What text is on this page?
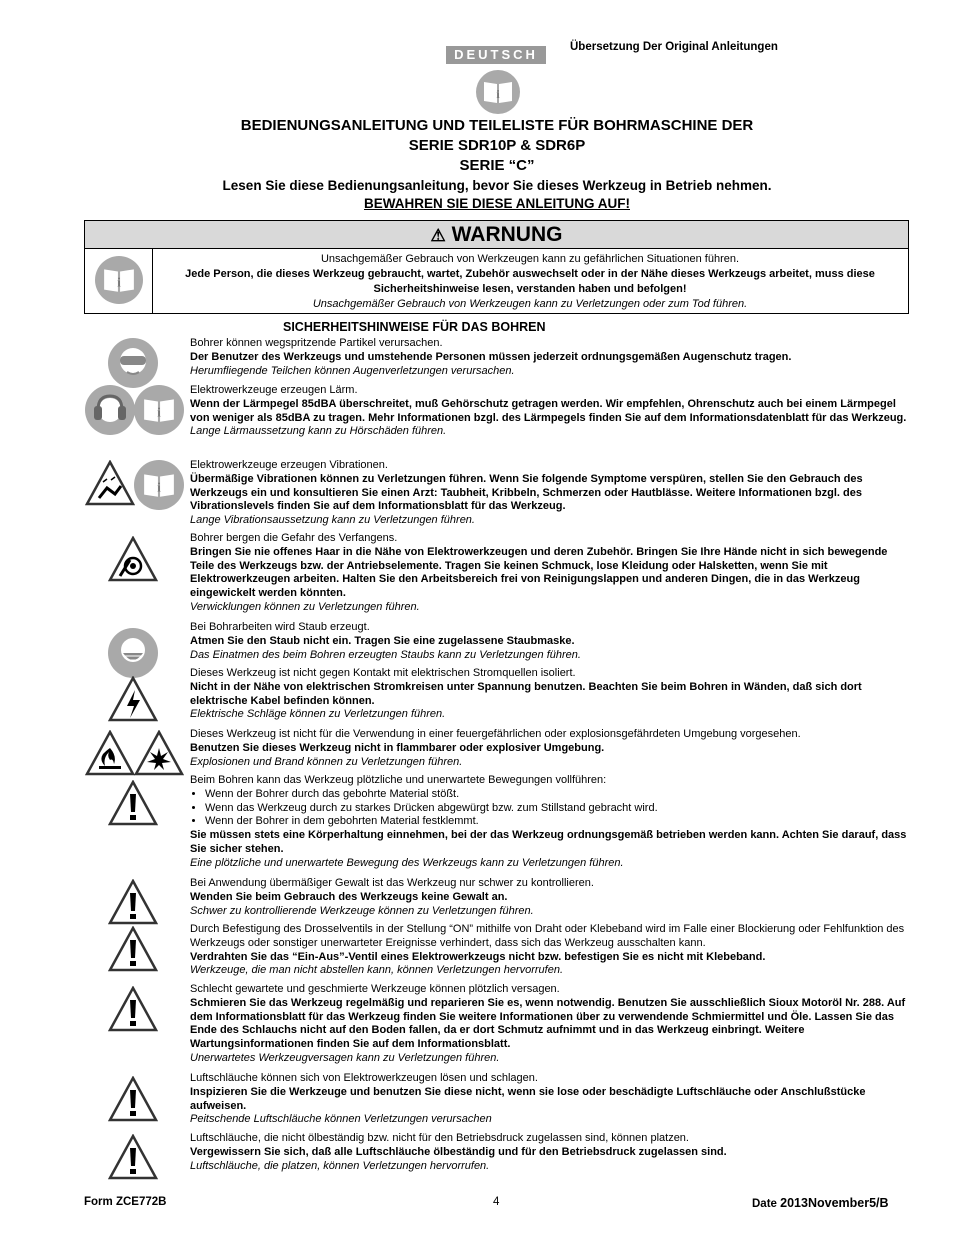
DEUTSCH	Übersetzung Der Original Anleitungen
i
BEDIENUNGSANLEITUNG UND TEILELISTE FÜR BOHRMASCHINE DER
SERIE SDR10P & SDR6P
SERIE “C”
Lesen Sie diese Bedienungsanleitung, bevor Sie dieses Werkzeug in Betrieb nehmen.
BEWAHREN SIE DIESE ANLEITUNG AUF!
⚠ WARNUNG
i
Unsachgemäßer Gebrauch von Werkzeugen kann zu gefährlichen Situationen führen.
Jede Person, die dieses Werkzeug gebraucht, wartet, Zubehör auswechselt oder in der Nähe dieses Werkzeugs arbeitet, muss diese Sicherheitshinweise lesen, verstanden haben und befolgen!
Unsachgemäßer Gebrauch von Werkzeugen kann zu Verletzungen oder zum Tod führen.
SICHERHEITSHINWEISE FÜR DAS BOHREN
i
i
Bohrer können wegspritzende Partikel verursachen.
Der Benutzer des Werkzeugs und umstehende Personen müssen jederzeit ordnungsgemäßen Augenschutz tragen.
Herumfliegende Teilchen können Augenverletzungen verursachen.
Elektrowerkzeuge erzeugen Lärm.
Wenn der Lärmpegel 85dBA überschreitet, muß Gehörschutz getragen werden. Wir empfehlen, Ohrenschutz auch bei einem Lärmpegel von weniger als 85dBA zu tragen. Mehr Informationen bzgl. des Lärmpegels finden Sie auf dem Informationsdatenblatt für das Werkzeug.
Lange Lärmaussetzung kann zu Hörschäden führen.
Elektrowerkzeuge erzeugen Vibrationen.
Übermäßige Vibrationen können zu Verletzungen führen. Wenn Sie folgende Symptome verspüren, stellen Sie den Gebrauch des Werkzeugs ein und konsultieren Sie einen Arzt: Taubheit, Kribbeln, Schmerzen oder Hautblässe. Weitere Informationen bzgl. des Vibrationslevels finden Sie auf dem Informationsblatt für das Werkzeug.
Lange Vibrationsaussetzung kann zu Verletzungen führen.
Bohrer bergen die Gefahr des Verfangens.
Bringen Sie nie offenes Haar in die Nähe von Elektrowerkzeugen und deren Zubehör. Bringen Sie Ihre Hände nicht in sich bewegende Teile des Werkzeugs bzw. der Antriebselemente. Tragen Sie keinen Schmuck, lose Kleidung oder Halsketten, wenn Sie mit Elektrowerkzeugen arbeiten. Halten Sie den Arbeitsbereich frei von Reinigungslappen und anderen Dingen, die in das Werkzeug eingewickelt werden könnten.
Verwicklungen können zu Verletzungen führen.
Bei Bohrarbeiten wird Staub erzeugt.
Atmen Sie den Staub nicht ein. Tragen Sie eine zugelassene Staubmaske.
Das Einatmen des beim Bohren erzeugten Staubs kann zu Verletzungen führen.
Dieses Werkzeug ist nicht gegen Kontakt mit elektrischen Stromquellen isoliert.
Nicht in der Nähe von elektrischen Stromkreisen unter Spannung benutzen. Beachten Sie beim Bohren in Wänden, daß sich dort elektrische Kabel befinden können.
Elektrische Schläge können zu Verletzungen führen.
Dieses Werkzeug ist nicht für die Verwendung in einer feuergefährlichen oder explosionsgefährdeten Umgebung vorgesehen.
Benutzen Sie dieses Werkzeug nicht in flammbarer oder explosiver Umgebung.
Explosionen und Brand können zu Verletzungen führen.
Beim Bohren kann das Werkzeug plötzliche und unerwartete Bewegungen vollführen:
• Wenn der Bohrer durch das gebohrte Material stößt.
• Wenn das Werkzeug durch zu starkes Drücken abgewürgt bzw. zum Stillstand gebracht wird.
• Wenn der Bohrer in dem gebohrten Material festklemmt.
Sie müssen stets eine Körperhaltung einnehmen, bei der das Werkzeug ordnungsgemäß betrieben werden kann. Achten Sie darauf, dass Sie sicher stehen.
Eine plötzliche und unerwartete Bewegung des Werkzeugs kann zu Verletzungen führen.
Bei Anwendung übermäßiger Gewalt ist das Werkzeug nur schwer zu kontrollieren.
Wenden Sie beim Gebrauch des Werkzeugs keine Gewalt an.
Schwer zu kontrollierende Werkzeuge können zu Verletzungen führen.
Durch Befestigung des Drosselventils in der Stellung “ON” mithilfe von Draht oder Klebeband wird im Falle einer Blockierung oder Fehlfunktion des Werkzeugs oder sonstiger unerwarteter Ereignisse verhindert, dass sich das Werkzeug ausschalten kann.
Verdrahten Sie das “Ein-Aus”-Ventil eines Elektrowerkzeugs nicht bzw. befestigen Sie es nicht mit Klebeband.
Werkzeuge, die man nicht abstellen kann, können Verletzungen hervorrufen.
Schlecht gewartete und geschmierte Werkzeuge können plötzlich versagen.
Schmieren Sie das Werkzeug regelmäßig und reparieren Sie es, wenn notwendig. Benutzen Sie ausschließlich Sioux Motoröl Nr. 288. Auf dem Informationsblatt für das Werkzeug finden Sie weitere Informationen über zu verwendende Schmiermittel und Öle. Lassen Sie das Ende des Schlauchs nicht auf den Boden fallen, da er dort Schmutz aufnimmt und in das Werkzeug einbringt. Weitere Wartungsinformationen finden Sie auf dem Informationsblatt.
Unerwartetes Werkzeugversagen kann zu Verletzungen führen.
Luftschläuche können sich von Elektrowerkzeugen lösen und schlagen.
Inspizieren Sie die Werkzeuge und benutzen Sie diese nicht, wenn sie lose oder beschädigte Luftschläuche oder Anschlußstücke aufweisen.
Peitschende Luftschläuche können Verletzungen verursachen
Luftschläuche, die nicht ölbeständig bzw. nicht für den Betriebsdruck zugelassen sind, können platzen.
Vergewissern Sie sich, daß alle Luftschläuche ölbeständig und für den Betriebsdruck zugelassen sind.
Luftschläuche, die platzen, können Verletzungen hervorrufen.
Form ZCE772B	4	Date 2013November5/B
